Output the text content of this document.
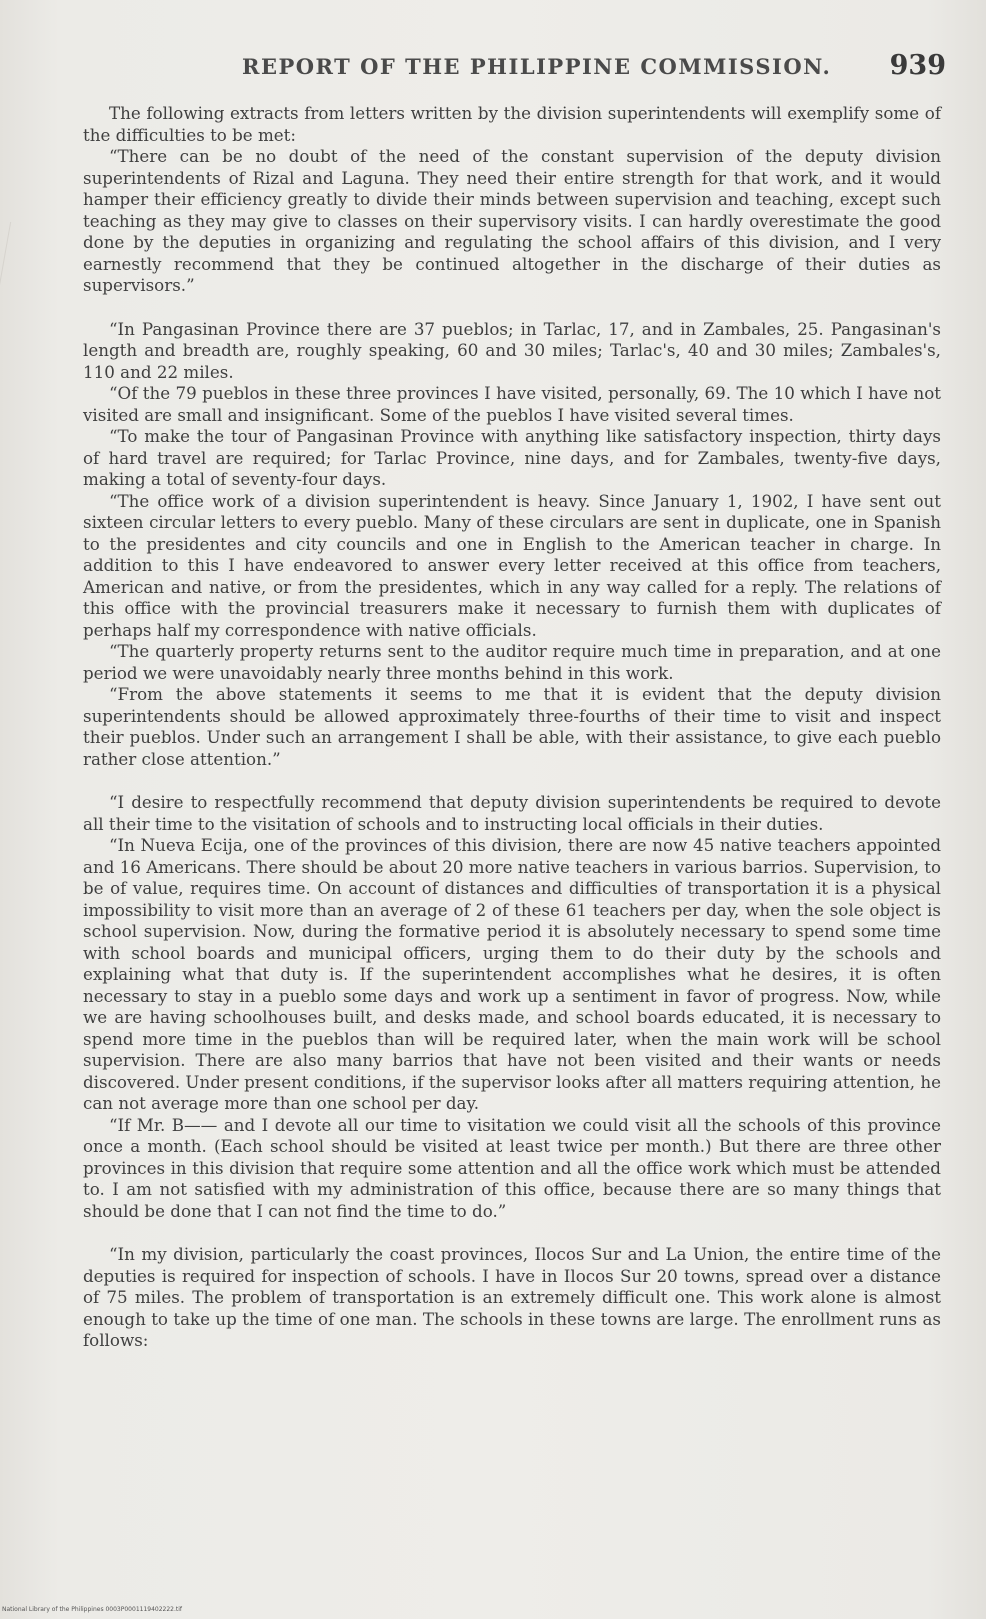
REPORT OF THE PHILIPPINE COMMISSION. 939

The following extracts from letters written by the division superintendents will exemplify some of the difficulties to be met:

“There can be no doubt of the need of the constant supervision of the deputy division superintendents of Rizal and Laguna. They need their entire strength for that work, and it would hamper their efficiency greatly to divide their minds between supervision and teaching, except such teaching as they may give to classes on their supervisory visits. I can hardly overestimate the good done by the deputies in organizing and regulating the school affairs of this division, and I very earnestly recommend that they be continued altogether in the discharge of their duties as supervisors.”

“In Pangasinan Province there are 37 pueblos; in Tarlac, 17, and in Zambales, 25. Pangasinan's length and breadth are, roughly speaking, 60 and 30 miles; Tarlac's, 40 and 30 miles; Zambales's, 110 and 22 miles.

“Of the 79 pueblos in these three provinces I have visited, personally, 69. The 10 which I have not visited are small and insignificant. Some of the pueblos I have visited several times.

“To make the tour of Pangasinan Province with anything like satisfactory inspection, thirty days of hard travel are required; for Tarlac Province, nine days, and for Zambales, twenty-five days, making a total of seventy-four days.

“The office work of a division superintendent is heavy. Since January 1, 1902, I have sent out sixteen circular letters to every pueblo. Many of these circulars are sent in duplicate, one in Spanish to the presidentes and city councils and one in English to the American teacher in charge. In addition to this I have endeavored to answer every letter received at this office from teachers, American and native, or from the presidentes, which in any way called for a reply. The relations of this office with the provincial treasurers make it necessary to furnish them with duplicates of perhaps half my correspondence with native officials.

“The quarterly property returns sent to the auditor require much time in preparation, and at one period we were unavoidably nearly three months behind in this work.

“From the above statements it seems to me that it is evident that the deputy division superintendents should be allowed approximately three-fourths of their time to visit and inspect their pueblos. Under such an arrangement I shall be able, with their assistance, to give each pueblo rather close attention.”

“I desire to respectfully recommend that deputy division superintendents be required to devote all their time to the visitation of schools and to instructing local officials in their duties.

“In Nueva Ecija, one of the provinces of this division, there are now 45 native teachers appointed and 16 Americans. There should be about 20 more native teachers in various barrios. Supervision, to be of value, requires time. On account of distances and difficulties of transportation it is a physical impossibility to visit more than an average of 2 of these 61 teachers per day, when the sole object is school supervision. Now, during the formative period it is absolutely necessary to spend some time with school boards and municipal officers, urging them to do their duty by the schools and explaining what that duty is. If the superintendent accomplishes what he desires, it is often necessary to stay in a pueblo some days and work up a sentiment in favor of progress. Now, while we are having schoolhouses built, and desks made, and school boards educated, it is necessary to spend more time in the pueblos than will be required later, when the main work will be school supervision. There are also many barrios that have not been visited and their wants or needs discovered. Under present conditions, if the supervisor looks after all matters requiring attention, he can not average more than one school per day.

“If Mr. B—— and I devote all our time to visitation we could visit all the schools of this province once a month. (Each school should be visited at least twice per month.) But there are three other provinces in this division that require some attention and all the office work which must be attended to. I am not satisfied with my administration of this office, because there are so many things that should be done that I can not find the time to do.”

“In my division, particularly the coast provinces, Ilocos Sur and La Union, the entire time of the deputies is required for inspection of schools. I have in Ilocos Sur 20 towns, spread over a distance of 75 miles. The problem of transportation is an extremely difficult one. This work alone is almost enough to take up the time of one man. The schools in these towns are large. The enrollment runs as follows:

National Library of the Philippines 0003P0001119402222.tif
